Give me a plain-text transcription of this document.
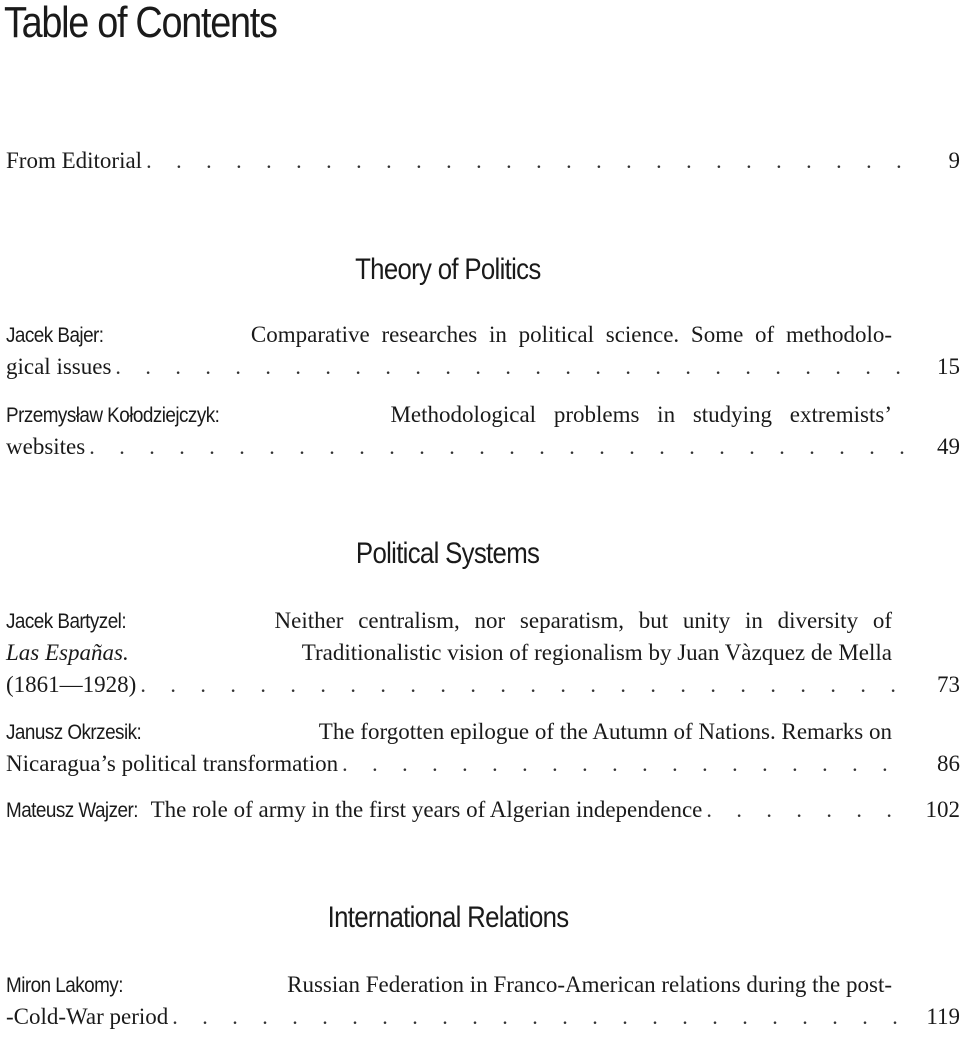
Table of Contents
From Editorial . . .	9
Theory of Politics
Jacek Bajer:	Comparative researches in political science. Some of methodolo-
gical issues . . .	15
Przemysław Kołodziejczyk:	Methodological problems in studying extremists’
websites . . .	49
Political Systems
Jacek Bartyzel:	Neither centralism, nor separatism, but unity in diversity of
Las Españas.	Traditionalistic vision of regionalism by Juan Vàzquez de Mella
(1861—1928) . . .	73
Janusz Okrzesik:	The forgotten epilogue of the Autumn of Nations. Remarks on
Nicaragua’s political transformation . . .	86
Mateusz Wajzer: The role of army in the first years of Algerian independence . . .	102
International Relations
Miron Lakomy:	Russian Federation in Franco-American relations during the post-
-Cold-War period . . .	119
